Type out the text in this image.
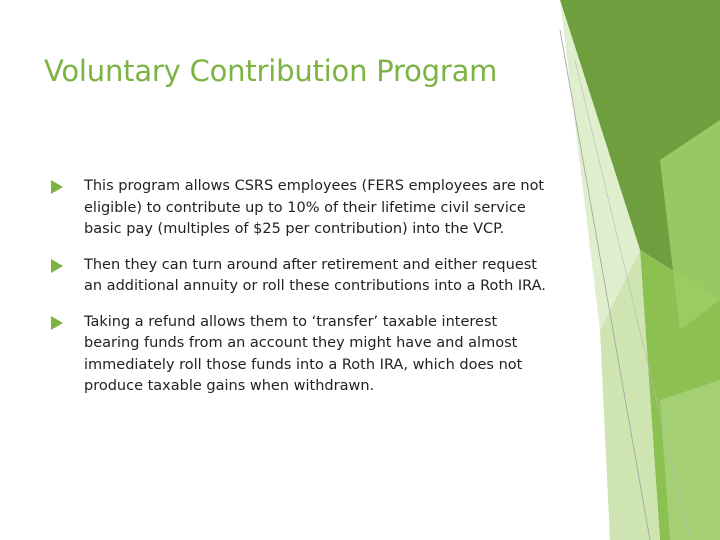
Voluntary Contribution Program
This program allows CSRS employees (FERS employees are not eligible) to contribute up to 10% of their lifetime civil service basic pay (multiples of $25 per contribution) into the VCP.
Then they can turn around after retirement and either request an additional annuity or roll these contributions into a Roth IRA.
Taking a refund allows them to ‘transfer’ taxable interest bearing funds from an account they might have and almost immediately roll those funds into a Roth IRA, which does not produce taxable gains when withdrawn.
